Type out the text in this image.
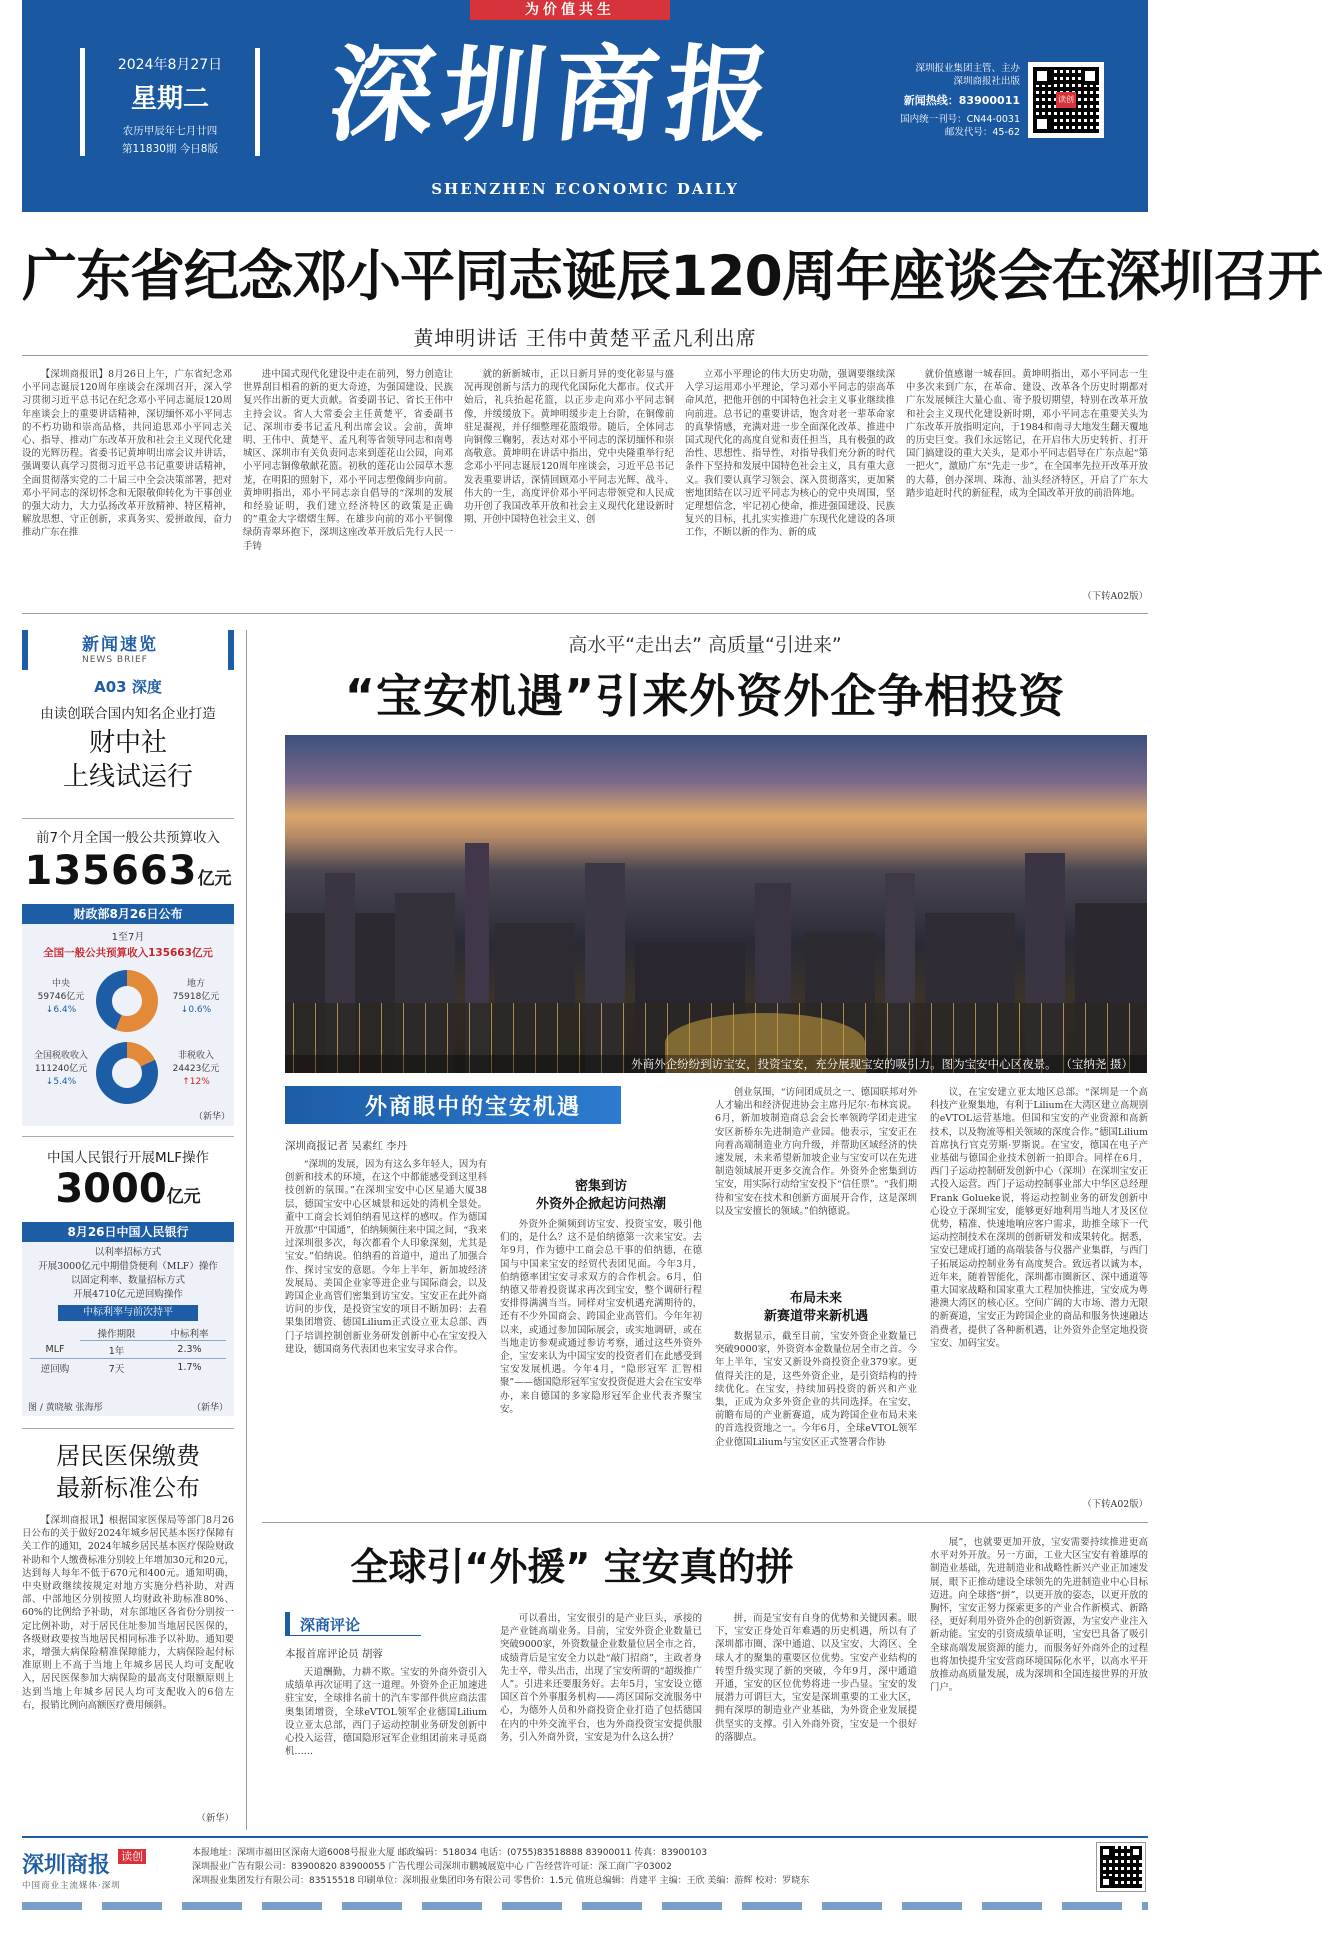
为价值共生
2024年8月27日
星期二
农历甲辰年七月廿四
第11830期 今日8版	深圳商报
SHENZHEN ECONOMIC DAILY
深圳报业集团主管、主办
深圳商报社出版
新闻热线：83900011
国内统一刊号：CN44-0031
邮发代号：45-62
读创
广东省纪念邓小平同志诞辰120周年座谈会在深圳召开
黄坤明讲话 王伟中黄楚平孟凡利出席

【深圳商报讯】8月26日上午，广东省纪念邓小平同志诞辰120周年座谈会在深圳召开，深入学习贯彻习近平总书记在纪念邓小平同志诞辰120周年座谈会上的重要讲话精神，深切缅怀邓小平同志的不朽功勋和崇高品格，共同追思邓小平同志关心、指导、推动广东改革开放和社会主义现代化建设的光辉历程。省委书记黄坤明出席会议并讲话，强调要认真学习贯彻习近平总书记重要讲话精神，全面贯彻落实党的二十届三中全会决策部署，把对邓小平同志的深切怀念和无限敬仰转化为干事创业的强大动力，大力弘扬改革开放精神、特区精神，解放思想、守正创新，求真务实、爱拼敢闯，奋力推动广东在推

进中国式现代化建设中走在前列，努力创造让世界刮目相看的新的更大奇迹，为强国建设、民族复兴作出新的更大贡献。省委副书记、省长王伟中主持会议。省人大常委会主任黄楚平，省委副书记、深圳市委书记孟凡利出席会议。会前，黄坤明、王伟中、黄楚平、孟凡利等省领导同志和南粤城区、深圳市有关负责同志来到莲花山公园，向邓小平同志铜像敬献花篮。初秋的莲花山公园草木葱茏，在明阳的照射下，邓小平同志塑像阔步向前。黄坤明指出，邓小平同志亲自倡导的“深圳的发展和经验证明，我们建立经济特区的政策是正确的”重金大字熠熠生辉。在雄步向前的邓小平铜像绿荫青翠环抱下，深圳这座改革开放后先行人民一手铸

就的新新城市，正以日新月异的变化彰显与盛况再现创新与活力的现代化国际化大都市。仪式开始后，礼兵抬起花篮，以正步走向邓小平同志铜像，并缓缓放下。黄坤明缓步走上台阶，在铜像前驻足凝视，并仔细整理花篮缎带。随后，全体同志向铜像三鞠躬，表达对邓小平同志的深切缅怀和崇高敬意。黄坤明在讲话中指出，党中央隆重举行纪念邓小平同志诞辰120周年座谈会，习近平总书记发表重要讲话，深情回顾邓小平同志光辉、战斗、伟大的一生，高度评价邓小平同志带领党和人民成功开创了我国改革开放和社会主义现代化建设新时期、开创中国特色社会主义、创

立邓小平理论的伟大历史功勋，强调要继续深入学习运用邓小平理论，学习邓小平同志的崇高革命风范，把他开创的中国特色社会主义事业继续推向前进。总书记的重要讲话，饱含对老一辈革命家的真挚情感，充满对进一步全面深化改革、推进中国式现代化的高度自觉和责任担当，具有极强的政治性、思想性、指导性，对指导我们充分新的时代条件下坚持和发展中国特色社会主义，具有重大意义。我们要认真学习领会、深入贯彻落实，更加紧密地团结在以习近平同志为核心的党中央周围，坚定理想信念，牢记初心使命，推进强国建设、民族复兴的目标，扎扎实实推进广东现代化建设的各项工作，不断以新的作为、新的成

就价值感谢一城春回。黄坤明指出，邓小平同志一生中多次来到广东，在革命、建设、改革各个历史时期都对广东发展倾注大量心血、寄予殷切期望，特别在改革开放和社会主义现代化建设新时期，邓小平同志在重要关头为广东改革开放指明定向，于1984和南寻大地发生翻天覆地的历史巨变。我们永远铭记，在开启伟大历史转折、打开国门搞建设的重大关头，是邓小平同志倡导在广东点起“第一把火”，激励广东“先走一步”，在全国率先拉开改革开放的大幕，创办深圳、珠海、汕头经济特区，开启了广东大踏步追赶时代的新征程，成为全国改革开放的前沿阵地。

（下转A02版）
新闻速览
NEWS BRIEF
A03 深度
由读创联合国内知名企业打造
财中社
上线试运行
前7个月全国一般公共预算收入
135663亿元
财政部8月26日公布
1至7月
全国一般公共预算收入135663亿元
中央
59746亿元
↓6.4%
地方
75918亿元
↓0.6%
全国税收收入
111240亿元
↓5.4%
非税收入
24423亿元
↑12%
（新华）
中国人民银行开展MLF操作
3000亿元
8月26日中国人民银行
以利率招标方式
开展3000亿元中期借贷便利（MLF）操作
以固定利率、数量招标方式
开展4710亿元逆回购操作
中标利率与前次持平
	操作期限	中标利率
MLF	1年	2.3%
逆回购	7天	1.7%
图 / 黄晓敏 张海彤	（新华）
居民医保缴费
最新标准公布

【深圳商报讯】根据国家医保局等部门8月26日公布的关于做好2024年城乡居民基本医疗保障有关工作的通知，2024年城乡居民基本医疗保险财政补助和个人缴费标准分别较上年增加30元和20元，达到每人每年不低于670元和400元。通知明确，中央财政继续按规定对地方实施分档补助，对西部、中部地区分别按照人均财政补助标准80%、60%的比例给予补助，对东部地区各省份分别按一定比例补助，对于居民住址参加当地居民医保的，各级财政要按当地居民相同标准予以补助。通知要求，增强大病保险精准保障能力，大病保险起付标准原则上不高于当地上年城乡居民人均可支配收入，居民医保参加大病保险的最高支付限额原则上达到当地上年城乡居民人均可支配收入的6倍左右，报销比例向高额医疗费用倾斜。

（新华）
高水平“走出去” 高质量“引进来”
“宝安机遇”引来外资外企争相投资
外商外企纷纷到访宝安，投资宝安，充分展现宝安的吸引力。图为宝安中心区夜景。 （宝纳尧 摄）
外商眼中的宝安机遇
深圳商报记者 吴素红 李丹

“深圳的发展，因为有这么多年轻人，因为有创新和技术的环境，在这个中都能感受到这里科技创新的氛围。”在深圳宝安中心区星通大厦38层，德国宝安中心区城景和远处的湾机全景处。董中工商会长刘伯纳看见这样的感叹。作为德国开放那“中国通”，伯纳频频往来中国之间，“我来过深圳很多次，每次都看个人印象深刻，尤其是宝安。”伯纳说。伯纳看的首道中，道出了加强合作、探讨宝安的意愿。今年上半年，新加坡经济发展局、美国企业家等进企业与国际商会，以及跨国企业高管们密集到访宝安。宝安正在此外商访问的步伐，是投资宝安的项目不断加码：去看果集团增资、德国Lilium正式设立亚太总部、西门子培训控制创新业务研发创新中心在宝安投入建设，德国商务代表团也来宝安寻求合作。

密集到访
外资外企掀起访问热潮

外资外企频频到访宝安、投资宝安，吸引他们的，是什么？这不是伯纳德第一次来宝安。去年9月，作为德中工商会总干事的伯纳德，在德国与中国来宝安的经贸代表团见面。今年3月，伯纳德率团宝安寻求双方的合作机会。6月，伯纳德又带着投资谋求再次到宝安，整个调研行程安排得满满当当。同样对宝安机遇充满期待的，还有不少外国商会、跨国企业高管们。今年年初以来，或通过参加国际展会，或实地调研，或在当地走访参观或通过参访考察，通过这些外资外企，宝安来认为中国宝安的投资者们在此感受到宝安发展机遇。今年4月，“隐形冠军 汇智相聚”——德国隐形冠军宝安投资促进大会在宝安举办，来自德国的多家隐形冠军企业代表齐聚宝安。

创业氛围，“访问团成员之一、德国联邦对外人才输出和经济促进协会主席丹尼尔·布林宾说。6月，新加坡制造商总会会长率领跨学团走进宝安区新桥东先进制造产业园。他表示，宝安正在向着高端制造业方向升级，并帮助区域经济的快速发展，未来希望新加坡企业与宝安可以在先进制造领域展开更多交流合作。外资外企密集到访宝安，用实际行动给宝安投下“信任票”。“我们期待和宝安在技术和创新方面展开合作，这是深圳以及宝安擅长的领域。”伯纳德说。

布局未来
新赛道带来新机遇

数据显示，截至目前，宝安外资企业数量已突破9000家，外资资本金数量位居全市之首。今年上半年，宝安又新设外商投资企业379家。更值得关注的是，这些外资企业，是引资结构的持续优化。在宝安，持续加码投资的新兴和产业集，正成为众多外资企业的共同选择。在宝安，前瞻布局的产业新赛道，成为跨国企业布局未来的首选投资地之一。今年6月，全球eVTOL领军企业德国Lilium与宝安区正式签署合作协

议，在宝安建立亚太地区总部。“深圳是一个高科技产业聚集地，有利于Lilium在大湾区建立高规别的eVTOL运营基地。但国和宝安的产业资源和高新技术，以及物流等相关领域的深度合作。”德国Lilium首席执行官克劳斯·罗斯说。在宝安，德国在电子产业基础与德国企业技术创新一拍即合。同样在6月，西门子运动控制研发创新中心（深圳）在深圳宝安正式投入运营。西门子运动控制事业部大中华区总经理Frank Golueke说，将运动控制业务的研发创新中心设立于深圳宝安，能够更好地利用当地人才及区位优势，精准、快速地响应客户需求，助推全球下一代运动控制技术在深圳的创新研发和成果转化。据悉，宝安已建成打通的高端装备与仪器产业集群，与西门子拓展运动控制业务有高度契合。致远者以诚为本，近年来，随着智能化，深圳都市圈新区、深中通道等重大国家战略和国家重大工程加快推进，宝安成为粤港澳大湾区的核心区。空间广阔的大市场、潜力无限的新赛道，宝安正为跨国企业的商品和服务快速融达消费者，提供了各种新机遇，让外资外企坚定地投资宝安、加码宝安。

（下转A02版）
全球引“外援” 宝安真的拼
深商评论
本报首席评论员 胡蓉

天道酬勤，力耕不欺。宝安的外商外资引入成绩单再次证明了这一道理。外资外企正加速进驻宝安，全球排名前十的汽车零部件供应商法雷奥集团增资，全球eVTOL领军企业德国Lilium设立亚太总部，西门子运动控制业务研发创新中心投入运营，德国隐形冠军企业组团前来寻觅商机……

可以看出，宝安很引的是产业巨头，承接的是产业链高端业务。目前，宝安外资企业数量已突破9000家，外资数量企业数量位居全市之首，成绩背后是宝安全力以赴“敲门招商”，主政者身先士卒，带头出击，出现了宝安所谓的“超级推广人”。引进来还要服务好。去年5月，宝安设立德国区首个外事服务机构——湾区国际交流服务中心，为德外人员和外商投资企业打造了包括德国在内的中外交流平台，也为外商投资宝安提供服务，引入外商外资，宝安是为什么这么拼？

拼，而是宝安有自身的优势和关键因素。眼下，宝安正身处百年难遇的历史机遇，所以有了深圳都市圈、深中通道、以及宝安、大湾区、全球人才的聚集的重要区位优势。宝安产业结构的转型升级实现了新的突破，今年9月，深中通道开通，宝安的区位优势将进一步凸显。宝安的发展潜力可谓巨大，宝安是深圳重要的工业大区，拥有深厚的制造业产业基础，为外资企业发展提供坚实的支撑。引入外商外资，宝安是一个很好的落脚点。

展”，也就要更加开放，宝安需要持续推进更高水平对外开放。另一方面，工业大区宝安有着雄厚的制造业基础，先进制造业和战略性新兴产业正加速发展，眼下正推动建设全球领先的先进制造业中心目标迈进。向全球搭“拼”，以更开放的姿态，以更开放的胸怀，宝安正努力探索更多的产业合作新模式、新路径，更好利用外资外企的创新资源，为宝安产业注入新动能。宝安的引资成绩单证明，宝安巴具备了吸引全球高端发展资源的能力，而服务好外商外企的过程也将加快提升宝安营商环境国际化水平，以高水平开放推动高质量发展，成为深圳和全国连接世界的开放门户。

深圳商报 $^{读创}$
中国商业主流媒体·深圳
本报地址：深圳市福田区深南大道6008号报业大厦 邮政编码：518034 电话：(0755)83518888 83900011 传真：83900103
深圳报业广告有限公司：83900820 83900055 广告代理公司深圳市鹏城展览中心 广告经营许可证：深工商广字03002
深圳报业集团发行有限公司：83515518 印刷单位：深圳报业集团印务有限公司 零售价：1.5元 值班总编辑：肖建平 主编：王欣 美编：游辉 校对：罗晓东
